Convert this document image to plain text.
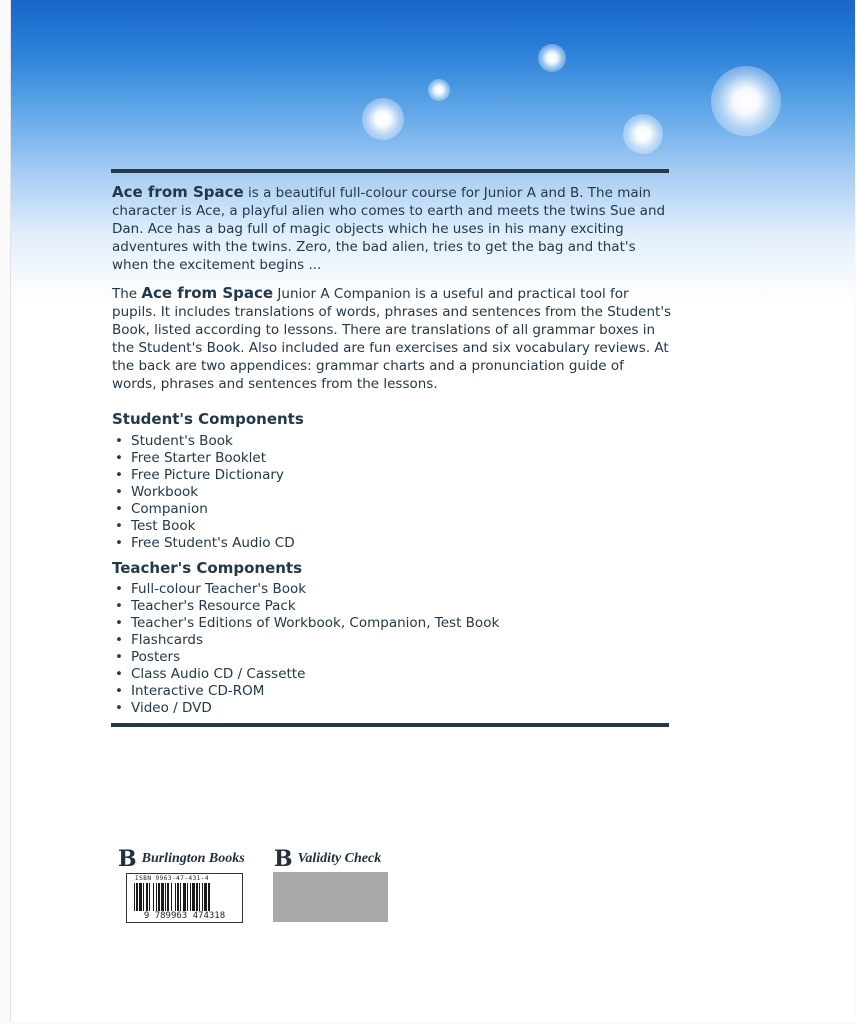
Ace from Space is a beautiful full-colour course for Junior A and B. The main character is Ace, a playful alien who comes to earth and meets the twins Sue and Dan. Ace has a bag full of magic objects which he uses in his many exciting adventures with the twins. Zero, the bad alien, tries to get the bag and that's when the excitement begins ...

The Ace from Space Junior A Companion is a useful and practical tool for pupils. It includes translations of words, phrases and sentences from the Student's Book, listed according to lessons. There are translations of all grammar boxes in the Student's Book. Also included are fun exercises and six vocabulary reviews. At the back are two appendices: grammar charts and a pronunciation guide of words, phrases and sentences from the lessons.

Student's Components
• Student's Book
• Free Starter Booklet
• Free Picture Dictionary
• Workbook
• Companion
• Test Book
• Free Student's Audio CD
Teacher's Components
• Full-colour Teacher's Book
• Teacher's Resource Pack
• Teacher's Editions of Workbook, Companion, Test Book
• Flashcards
• Posters
• Class Audio CD / Cassette
• Interactive CD-ROM
• Video / DVD
B Burlington Books
ISBN 9963-47-431-4
9 789963 474318
B Validity Check
